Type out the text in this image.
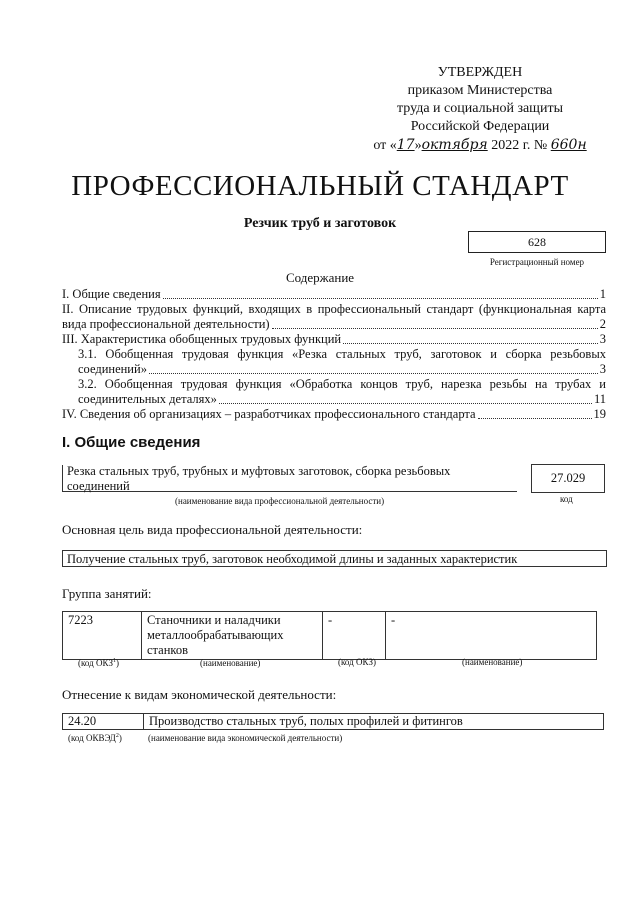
УТВЕРЖДЕН
приказом Министерства
труда и социальной защиты
Российской Федерации
от «17»октября 2022 г. № 660н
ПРОФЕССИОНАЛЬНЫЙ СТАНДАРТ
Резчик труб и заготовок
628
Регистрационный номер
Содержание
I. Общие сведения	1
II. Описание трудовых функций, входящих в профессиональный стандарт (функциональная карта
вида профессиональной деятельности)	2
III. Характеристика обобщенных трудовых функций	3
3.1. Обобщенная трудовая функция «Резка стальных труб, заготовок и сборка резьбовых
соединений»	3
3.2. Обобщенная трудовая функция «Обработка концов труб, нарезка резьбы на трубах и
соединительных деталях»	11
IV. Сведения об организациях – разработчиках профессионального стандарта	19
I. Общие сведения
Резка стальных труб, трубных и муфтовых заготовок, сборка резьбовых соединений
27.029
(наименование вида профессиональной деятельности)	код
Основная цель вида профессиональной деятельности:
Получение стальных труб, заготовок необходимой длины и заданных характеристик
Группа занятий:
7223	Станочники и наладчики металлообрабатывающих станков	-	-
(код ОКЗ$^1$)	(наименование)	(код ОКЗ)	(наименование)
Отнесение к видам экономической деятельности:
24.20	Производство стальных труб, полых профилей и фитингов
(код ОКВЭД$^2$)	(наименование вида экономической деятельности)
